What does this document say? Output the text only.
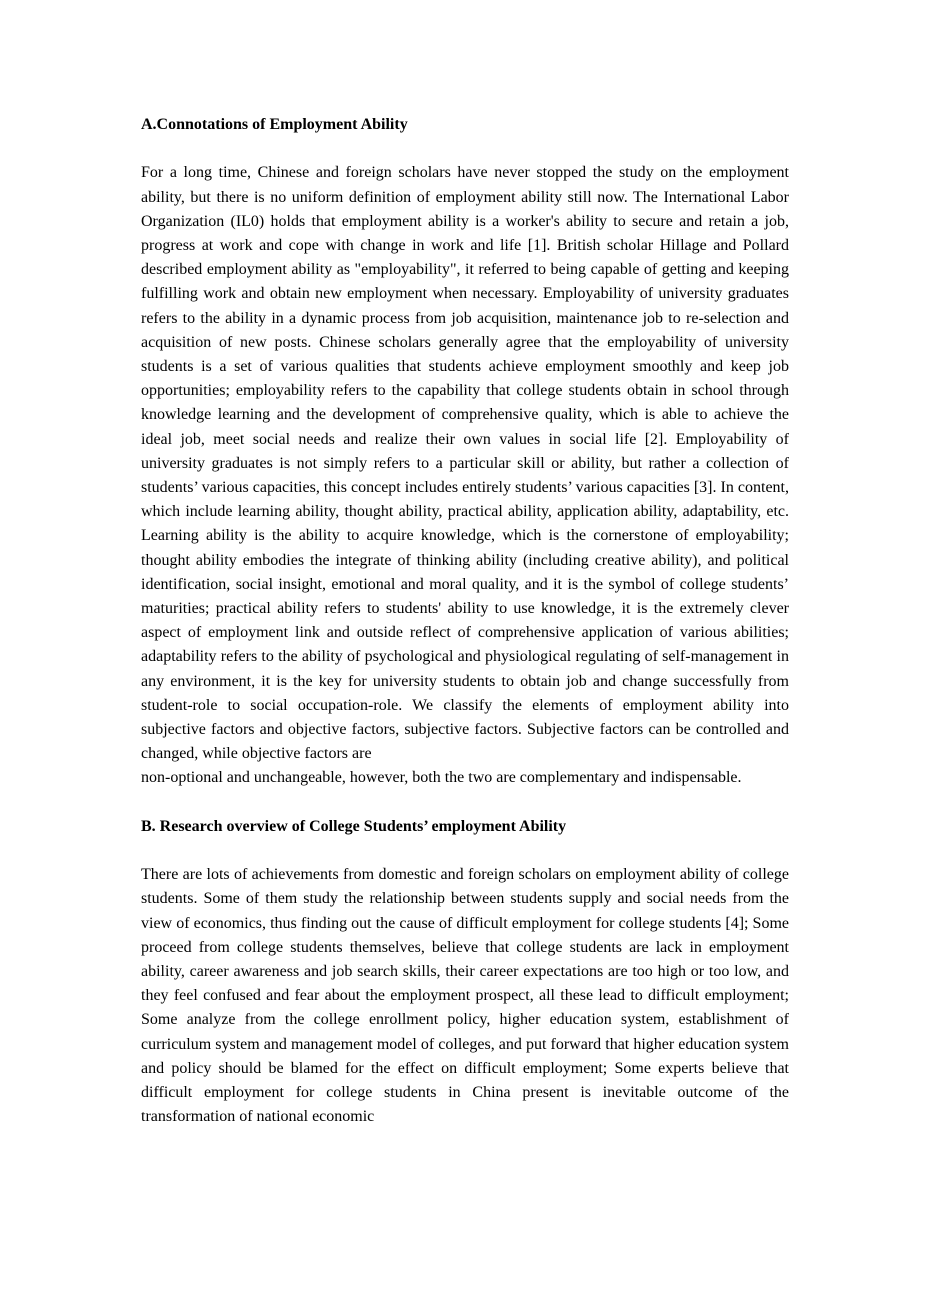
A.Connotations of Employment Ability

For a long time, Chinese and foreign scholars have never stopped the study on the employment ability, but there is no uniform definition of employment ability still now. The International Labor Organization (IL0) holds that employment ability is a worker's ability to secure and retain a job, progress at work and cope with change in work and life [1]. British scholar Hillage and Pollard described employment ability as "employability", it referred to being capable of getting and keeping fulfilling work and obtain new employment when necessary. Employability of university graduates refers to the ability in a dynamic process from job acquisition, maintenance job to re-selection and acquisition of new posts. Chinese scholars generally agree that the employability of university students is a set of various qualities that students achieve employment smoothly and keep job opportunities; employability refers to the capability that college students obtain in school through knowledge learning and the development of comprehensive quality, which is able to achieve the ideal job, meet social needs and realize their own values in social life [2]. Employability of university graduates is not simply refers to a particular skill or ability, but rather a collection of students’ various capacities, this concept includes entirely students’ various capacities [3]. In content, which include learning ability, thought ability, practical ability, application ability, adaptability, etc. Learning ability is the ability to acquire knowledge, which is the cornerstone of employability; thought ability embodies the integrate of thinking ability (including creative ability), and political identification, social insight, emotional and moral quality, and it is the symbol of college students’ maturities; practical ability refers to students' ability to use knowledge, it is the extremely clever aspect of employment link and outside reflect of comprehensive application of various abilities; adaptability refers to the ability of psychological and physiological regulating of self-management in any environment, it is the key for university students to obtain job and change successfully from student-role to social occupation-role. We classify the elements of employment ability into subjective factors and objective factors, subjective factors. Subjective factors can be controlled and changed, while objective factors are

non-optional and unchangeable, however, both the two are complementary and indispensable.

B. Research overview of College Students’ employment Ability

There are lots of achievements from domestic and foreign scholars on employment ability of college students. Some of them study the relationship between students supply and social needs from the view of economics, thus finding out the cause of difficult employment for college students [4]; Some proceed from college students themselves, believe that college students are lack in employment ability, career awareness and job search skills, their career expectations are too high or too low, and they feel confused and fear about the employment prospect, all these lead to difficult employment; Some analyze from the college enrollment policy, higher education system, establishment of curriculum system and management model of colleges, and put forward that higher education system and policy should be blamed for the effect on difficult employment; Some experts believe that difficult employment for college students in China present is inevitable outcome of the transformation of national economic
